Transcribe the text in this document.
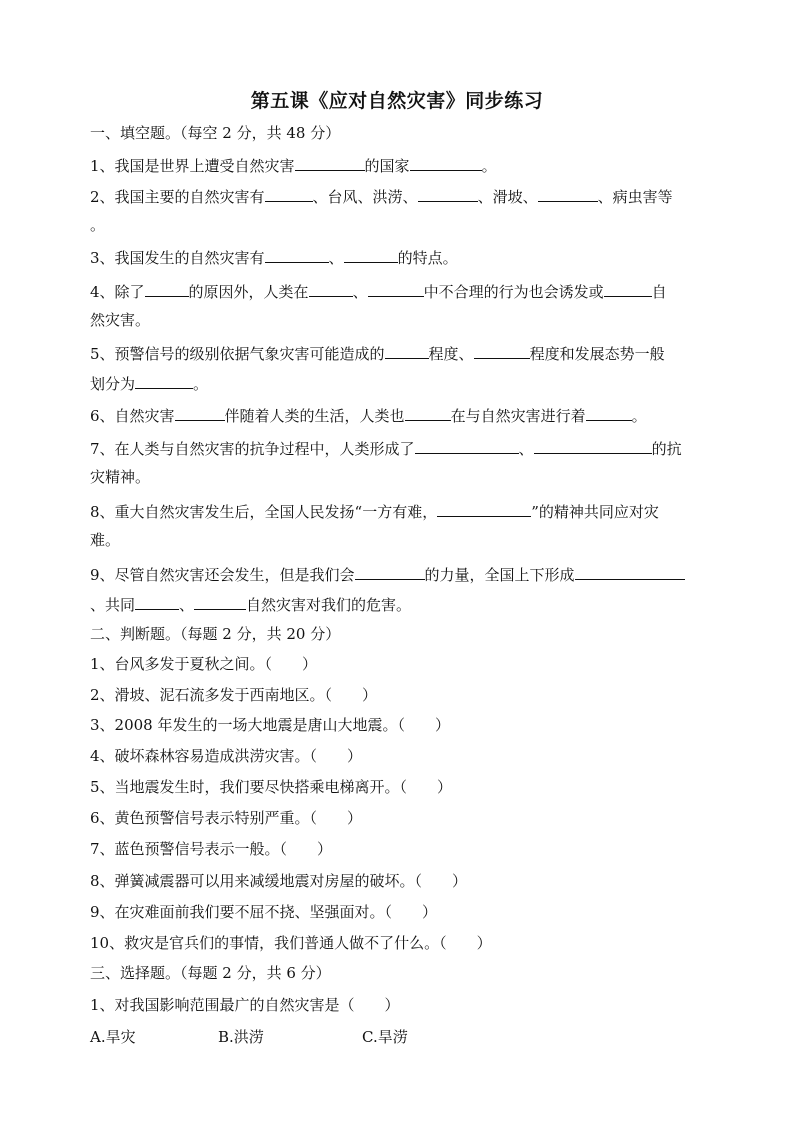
第五课《应对自然灾害》同步练习
一、填空题。（每空 2 分，共 48 分）
1、我国是世界上遭受自然灾害	的国家	。
2、我国主要的自然灾害有	、台风、洪涝、	、滑坡、	、病虫害等
。
3、我国发生的自然灾害有	、	的特点。
4、除了	的原因外，人类在	、	中不合理的行为也会诱发或	自
然灾害。
5、预警信号的级别依据气象灾害可能造成的	程度、	程度和发展态势一般
划分为	。
6、自然灾害	伴随着人类的生活，人类也	在与自然灾害进行着	。
7、在人类与自然灾害的抗争过程中，人类形成了	、	的抗
灾精神。
8、重大自然灾害发生后，全国人民发扬“一方有难，	”的精神共同应对灾
难。
9、尽管自然灾害还会发生，但是我们会	的力量，全国上下形成
、共同	、	自然灾害对我们的危害。
二、判断题。（每题 2 分，共 20 分）
1、台风多发于夏秋之间。（　　）
2、滑坡、泥石流多发于西南地区。（　　）
3、2008 年发生的一场大地震是唐山大地震。（　　）
4、破坏森林容易造成洪涝灾害。（　　）
5、当地震发生时，我们要尽快搭乘电梯离开。（　　）
6、黄色预警信号表示特别严重。（　　）
7、蓝色预警信号表示一般。（　　）
8、弹簧减震器可以用来减缓地震对房屋的破坏。（　　）
9、在灾难面前我们要不屈不挠、坚强面对。（　　）
10、救灾是官兵们的事情，我们普通人做不了什么。（　　）
三、选择题。（每题 2 分，共 6 分）
1、对我国影响范围最广的自然灾害是（　　）
A.旱灾	B.洪涝	C.旱涝
